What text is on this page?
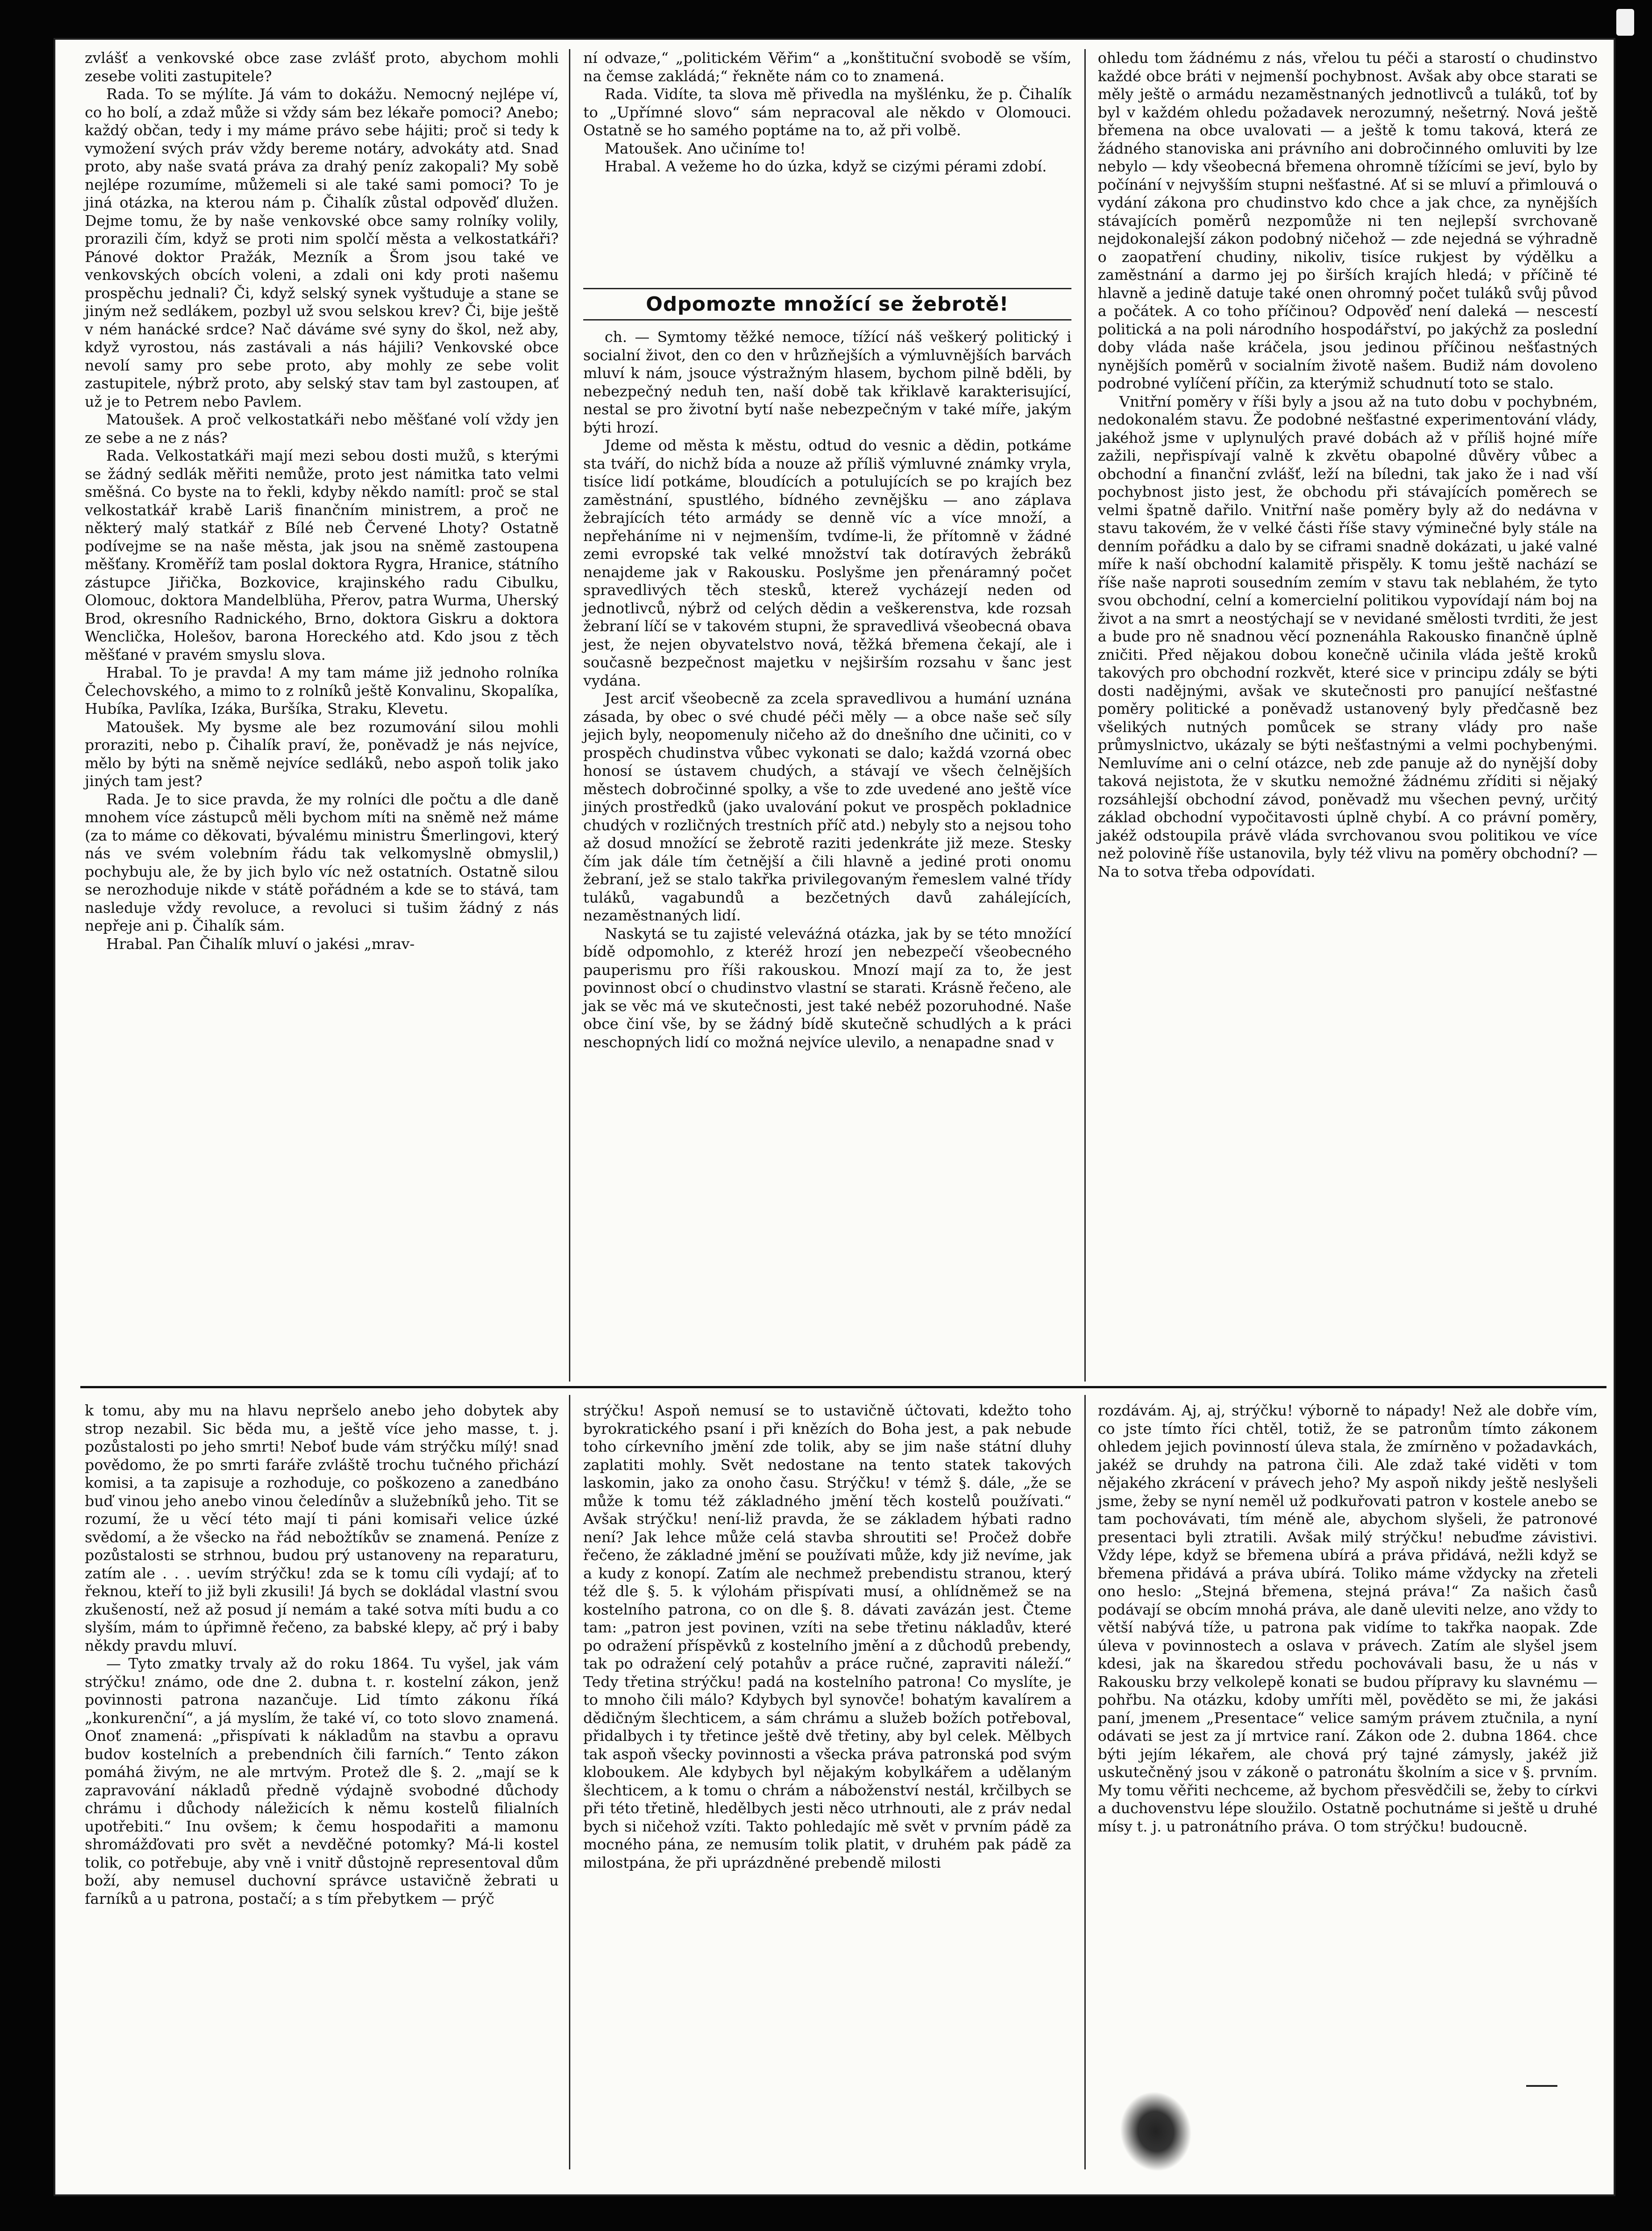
zvlášť a venkovské obce zase zvlášť proto, abychom mohli zesebe voliti zastupitele?

Rada. To se mýlíte. Já vám to dokážu. Nemocný nejlépe ví, co ho bolí, a zdaž může si vždy sám bez lékaře pomoci? Anebo; každý občan, tedy i my máme právo sebe hájiti; proč si tedy k vymožení svých práv vždy bereme notáry, advokáty atd. Snad proto, aby naše svatá práva za drahý peníz zakopali? My sobě nejlépe rozumíme, můžemeli si ale také sami pomoci? To je jiná otázka, na kterou nám p. Čihalík zůstal odpověď dlužen. Dejme tomu, že by naše venkovské obce samy rolníky volily, prorazili čím, když se proti nim spolčí města a velkostatkáři? Pánové doktor Pražák, Mezník a Šrom jsou také ve venkovských obcích voleni, a zdali oni kdy proti našemu prospěchu jednali? Či, když selský synek vyštuduje a stane se jiným než sedlákem, pozbyl už svou selskou krev? Či, bije ještě v ném hanácké srdce? Nač dáváme své syny do škol, než aby, když vyrostou, nás zastávali a nás hájili? Venkovské obce nevolí samy pro sebe proto, aby mohly ze sebe volit zastupitele, nýbrž proto, aby selský stav tam byl zastoupen, ať už je to Petrem nebo Pavlem.

Matoušek. A proč velkostatkáři nebo měšťané volí vždy jen ze sebe a ne z nás?

Rada. Velkostatkáři mají mezi sebou dosti mužů, s kterými se žádný sedlák měřiti nemůže, proto jest námitka tato velmi směšná. Co byste na to řekli, kdyby někdo namítl: proč se stal velkostatkář krabě Lariš finančním ministrem, a proč ne některý malý statkář z Bílé neb Červené Lhoty? Ostatně podívejme se na naše města, jak jsou na sněmě zastoupena měšťany. Kroměříž tam poslal doktora Rygra, Hranice, státního zástupce Jiřička, Bozkovice, krajinského radu Cibulku, Olomouc, doktora Mandelblüha, Přerov, patra Wurma, Uherský Brod, okresního Radnického, Brno, doktora Giskru a doktora Wenclička, Holešov, barona Horeckého atd. Kdo jsou z těch měšťané v pravém smyslu slova.

Hrabal. To je pravda! A my tam máme již jednoho rolníka Čelechovského, a mimo to z rolníků ještě Konvalinu, Skopalíka, Hubíka, Pavlíka, Izáka, Buršíka, Straku, Klevetu.

Matoušek. My bysme ale bez rozumování silou mohli proraziti, nebo p. Čihalík praví, že, poněvadž je nás nejvíce, mělo by býti na sněmě nejvíce sedláků, nebo aspoň tolik jako jiných tam jest?

Rada. Je to sice pravda, že my rolníci dle počtu a dle daně mnohem více zástupců měli bychom míti na sněmě než máme (za to máme co děkovati, bývalému ministru Šmerlingovi, který nás ve svém volebním řádu tak velkomyslně obmyslil,) pochybuju ale, že by jich bylo víc než ostatních. Ostatně silou se nerozhoduje nikde v státě pořádném a kde se to stává, tam nasleduje vždy revoluce, a revoluci si tušim žádný z nás nepřeje ani p. Čihalík sám.

Hrabal. Pan Čihalík mluví o jakési „mrav-

ní odvaze,“ „politickém Věřim“ a „konštituční svobodě se vším, na čemse zakládá;“ řekněte nám co to znamená.

Rada. Vidíte, ta slova mě přivedla na myšlénku, že p. Čihalík to „Upřímné slovo“ sám nepracoval ale někdo v Olomouci. Ostatně se ho samého poptáme na to, až při volbě.

Matoušek. Ano učiníme to!

Hrabal. A vežeme ho do úzka, když se cizými pérami zdobí.

Odpomozte množící se žebrotě!

ch. — Symtomy těžké nemoce, tížící náš veškerý politický i socialní život, den co den v hrůzňejších a výmluvnějších barvách mluví k nám, jsouce výstražným hlasem, bychom pilně bděli, by nebezpečný neduh ten, naší době tak křiklavě karakterisující, nestal se pro životní bytí naše nebezpečným v také míře, jakým býti hrozí.

Jdeme od města k městu, odtud do vesnic a dědin, potkáme sta tváří, do nichž bída a nouze až příliš výmluvné známky vryla, tisíce lidí potkáme, bloudících a potulujících se po krajích bez zaměstnání, spustlého, bídného zevnějšku — ano záplava žebrajících této armády se denně víc a více množí, a nepřeháníme ni v nejmenším, tvdíme-li, že přítomně v žádné zemi evropské tak velké množství tak dotíravých žebráků nenajdeme jak v Rakousku. Poslyšme jen přenáramný počet spravedlivých těch stesků, kterež vycházejí neden od jednotlivců, nýbrž od celých dědin a veškerenstva, kde rozsah žebraní líčí se v takovém stupni, že spravedlivá všeobecná obava jest, že nejen obyvatelstvo nová, těžká břemena čekají, ale i současně bezpečnost majetku v nejširším rozsahu v šanc jest vydána.

Jest arciť všeobecně za zcela spravedlivou a humání uznána zásada, by obec o své chudé péči měly — a obce naše seč síly jejich byly, neopomenuly ničeho až do dnešního dne učiniti, co v prospěch chudinstva vůbec vykonati se dalo; každá vzorná obec honosí se ústavem chudých, a stávají ve všech čelnějších městech dobročinné spolky, a vše to zde uvedené ano ještě více jiných prostředků (jako uvalování pokut ve prospěch pokladnice chudých v rozličných trestních příč atd.) nebyly sto a nejsou toho až dosud množící se žebrotě raziti jedenkráte již meze. Stesky čím jak dále tím četnější a čili hlavně a jediné proti onomu žebraní, jež se stalo takřka privilegovaným řemeslem valné třídy tuláků, vagabundů a bezčetných davů zahálejících, nezaměstnaných lidí.

Naskytá se tu zajisté veleváźná otázka, jak by se této množící bídě odpomohlo, z kteréž hrozí jen nebezpečí všeobecného pauperismu pro říši rakouskou. Mnozí mají za to, že jest povinnost obcí o chudinstvo vlastní se starati. Krásně řečeno, ale jak se věc má ve skutečnosti, jest také nebéž pozoruhodné. Naše obce činí vše, by se žádný bídě skutečně schudlých a k práci neschopných lidí co možná nejvíce ulevilo, a nenapadne snad v

ohledu tom žádnému z nás, vřelou tu péči a starostí o chudinstvo každé obce bráti v nejmenší pochybnost. Avšak aby obce starati se měly ještě o armádu nezaměstnaných jednotlivců a tuláků, toť by byl v každém ohledu požadavek nerozumný, nešetrný. Nová ještě břemena na obce uvalovati — a ještě k tomu taková, která ze žádného stanoviska ani právního ani dobročinného omluviti by lze nebylo — kdy všeobecná břemena ohromně tížícími se jeví, bylo by počínání v nejvyšším stupni nešťastné. Ať si se mluví a přimlouvá o vydání zákona pro chudinstvo kdo chce a jak chce, za nynějších stávajících poměrů nezpomůže ni ten nejlepší svrchovaně nejdokonalejší zákon podobný ničehož — zde nejedná se výhradně o zaopatření chudiny, nikoliv, tisíce rukjest by výdělku a zaměstnání a darmo jej po širších krajích hledá; v příčině té hlavně a jedině datuje také onen ohromný počet tuláků svůj původ a počátek. A co toho příčinou? Odpověď není daleká — nescestí politická a na poli národního hospodářství, po jakýchž za poslední doby vláda naše kráčela, jsou jedinou příčinou nešťastných nynějších poměrů v socialním životě našem. Budiž nám dovoleno podrobné vylíčení příčin, za kterýmiž schudnutí toto se stalo.

Vnitřní poměry v říši byly a jsou až na tuto dobu v pochybném, nedokonalém stavu. Že podobné nešťastné experimentování vlády, jakéhož jsme v uplynulých pravé dobách až v příliš hojné míře zažili, nepřispívají valně k zkvětu obapolné důvěry vůbec a obchodní a finanční zvlášť, leží na bíledni, tak jako že i nad vší pochybnost jisto jest, že obchodu při stávajících poměrech se velmi špatně dařilo. Vnitřní naše poměry byly až do nedávna v stavu takovém, že v velké části říše stavy výminečné byly stále na denním pořádku a dalo by se ciframi snadně dokázati, u jaké valné míře k naší obchodní kalamitě přispěly. K tomu ještě nachází se říše naše naproti sousedním zemím v stavu tak neblahém, že tyto svou obchodní, celní a komercielní politikou vypovídají nám boj na život a na smrt a neostýchají se v nevidané smělosti tvrditi, že jest a bude pro ně snadnou věcí poznenáhla Rakousko finančně úplně zničiti. Před nějakou dobou konečně učinila vláda ještě kroků takových pro obchodní rozkvět, které sice v principu zdály se býti dosti nadějnými, avšak ve skutečnosti pro panující nešťastné poměry politické a poněvadž ustanovený byly předčasně bez všelikých nutných pomůcek se strany vlády pro naše průmyslnictvo, ukázaly se býti nešťastnými a velmi pochybenými. Nemluvíme ani o celní otázce, neb zde panuje až do nynější doby taková nejistota, že v skutku nemožné žádnému zříditi si nějaký rozsáhlejší obchodní závod, poněvadž mu všechen pevný, určitý základ obchodní vypočitavosti úplně chybí. A co právní poměry, jakéž odstoupila právě vláda svrchovanou svou politikou ve více než polovině říše ustanovila, byly též vlivu na poměry obchodní? — Na to sotva třeba odpovídati.

k tomu, aby mu na hlavu nepršelo anebo jeho dobytek aby strop nezabil. Sic běda mu, a ještě více jeho masse, t. j. pozůstalosti po jeho smrti! Neboť bude vám strýčku mílý! snad povědomo, že po smrti faráře zvláště trochu tučného přichází komisi, a ta zapisuje a rozhoduje, co poškozeno a zanedbáno buď vinou jeho anebo vinou čeledínův a služebníků jeho. Tit se rozumí, že u věcí této mají ti páni komisaři velice úzké svědomí, a že všecko na řád nebožtíkův se znamená. Peníze z pozůstalosti se strhnou, budou prý ustanoveny na reparaturu, zatím ale . . . uevím strýčku! zda se k tomu cíli vydají; ať to řeknou, kteří to již byli zkusili! Já bych se dokládal vlastní svou zkušeností, než až posud jí nemám a také sotva míti budu a co slyším, mám to úpřimně řečeno, za babské klepy, ač prý i baby někdy pravdu mluví.

— Tyto zmatky trvaly až do roku 1864. Tu vyšel, jak vám strýčku! známo, ode dne 2. dubna t. r. kostelní zákon, jenž povinnosti patrona nazančuje. Lid tímto zákonu říká „konkurenční“, a já myslím, že také ví, co toto slovo znamená. Onoť znamená: „přispívati k nákladům na stavbu a opravu budov kostelních a prebendních čili farních.“ Tento zákon pomáhá živým, ne ale mrtvým. Protež dle §. 2. „mají se k zapravování nákladů předně výdajně svobodné důchody chrámu i důchody náležicích k němu kostelů filialních upotřebiti.“ Inu ovšem; k čemu hospodařiti a mamonu shromážďovati pro svět a nevděčné potomky? Má-li kostel tolik, co potřebuje, aby vně i vnitř důstojně representoval dům boží, aby nemusel duchovní správce ustavičně žebrati u farníků a u patrona, postačí; a s tím přebytkem — prýč

strýčku! Aspoň nemusí se to ustavičně účtovati, kdežto toho byrokratického psaní i při knězích do Boha jest, a pak nebude toho církevního jmění zde tolik, aby se jim naše státní dluhy zaplatiti mohly. Svět nedostane na tento statek takových laskomin, jako za onoho času. Strýčku! v témž §. dále, „že se může k tomu též základného jmění těch kostelů používati.“ Avšak strýčku! není-liž pravda, že se základem hýbati radno není? Jak lehce může celá stavba shroutiti se! Pročež dobře řečeno, že základné jmění se používati může, kdy již nevíme, jak a kudy z konopí. Zatím ale nechmež prebendistu stranou, který též dle §. 5. k výlohám přispívati musí, a ohlídněmež se na kostelního patrona, co on dle §. 8. dávati zavázán jest. Čteme tam: „patron jest povinen, vzíti na sebe třetinu nákladův, které po odražení příspěvků z kostelního jmění a z důchodů prebendy, tak po odražení celý potahův a práce ručné, zapraviti náleží.“ Tedy třetina strýčku! padá na kostelního patrona! Co myslíte, je to mnoho čili málo? Kdybych byl synovče! bohatým kavalírem a dědičným šlechticem, a sám chrámu a služeb božích potřeboval, přidalbych i ty třetince ještě dvě třetiny, aby byl celek. Mělbych tak aspoň všecky povinnosti a všecka práva patronská pod svým kloboukem. Ale kdybych byl nějakým kobylkářem a udělaným šlechticem, a k tomu o chrám a náboženství nestál, krčilbych se při této třetině, hledělbych jesti něco utrhnouti, ale z práv nedal bych si ničehož vzíti. Takto pohledajíc mě svět v prvním pádě za mocného pána, ze nemusím tolik platit, v druhém pak pádě za milostpána, že při uprázdněné prebendě milosti

rozdávám. Aj, aj, strýčku! výborně to nápady! Než ale dobře vím, co jste tímto říci chtěl, totiž, že se patronům tímto zákonem ohledem jejich povinností úleva stala, že zmírněno v požadavkách, jakéž se druhdy na patrona čili. Ale zdaž také viděti v tom nějakého zkrácení v právech jeho? My aspoň nikdy ještě neslyšeli jsme, žeby se nyní neměl už podkuřovati patron v kostele anebo se tam pochovávati, tím méně ale, abychom slyšeli, že patronové presentaci byli ztratili. Avšak milý strýčku! nebuďme závistivi. Vždy lépe, když se břemena ubírá a práva přidává, nežli když se břemena přidává a práva ubírá. Toliko máme vždycky na zřeteli ono heslo: „Stejná břemena, stejná práva!“ Za našich časů podávají se obcím mnohá práva, ale daně uleviti nelze, ano vždy to větší nabývá tíže, u patrona pak vidíme to takřka naopak. Zde úleva v povinnostech a oslava v právech. Zatím ale slyšel jsem kdesi, jak na škaredou středu pochovávali basu, že u nás v Rakousku brzy velkolepě konati se budou přípravy ku slavnému — pohřbu. Na otázku, kdoby umříti měl, pověděto se mi, že jakási paní, jmenem „Presentace“ velice samým právem ztučnila, a nyní odávati se jest za jí mrtvice raní. Zákon ode 2. dubna 1864. chce býti jejím lékařem, ale chová prý tajné zámysly, jakéž již uskutečněný jsou v zákoně o patronátu školním a sice v §. prvním. My tomu věřiti nechceme, až bychom přesvědčili se, žeby to církvi a duchovenstvu lépe sloužilo. Ostatně pochutnáme si ještě u druhé mísy t. j. u patronátního práva. O tom strýčku! budoucně.
